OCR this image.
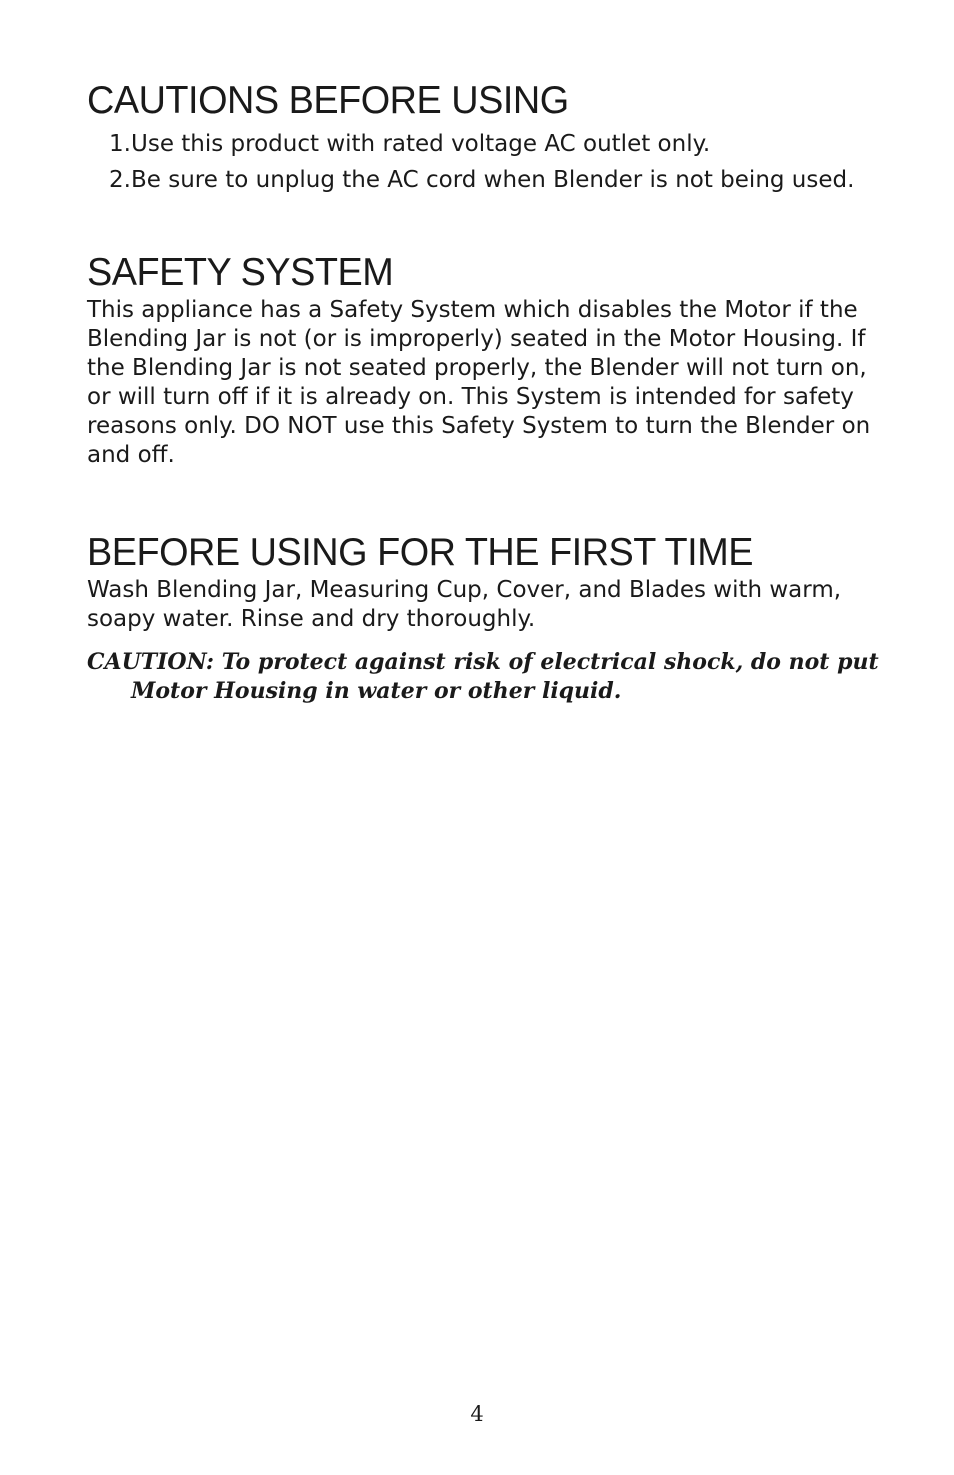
CAUTIONS BEFORE USING
1. Use this product with rated voltage AC outlet only.
2. Be sure to unplug the AC cord when Blender is not being used.
SAFETY SYSTEM

This appliance has a Safety System which disables the Motor if the Blending Jar is not (or is improperly) seated in the Motor Housing. If the Blending Jar is not seated properly, the Blender will not turn on, or will turn off if it is already on. This System is intended for safety reasons only. DO NOT use this Safety System to turn the Blender on and off.

BEFORE USING FOR THE FIRST TIME

Wash Blending Jar, Measuring Cup, Cover, and Blades with warm, soapy water. Rinse and dry thoroughly.

CAUTION: To protect against risk of electrical shock, do not put Motor Housing in water or other liquid.

4
